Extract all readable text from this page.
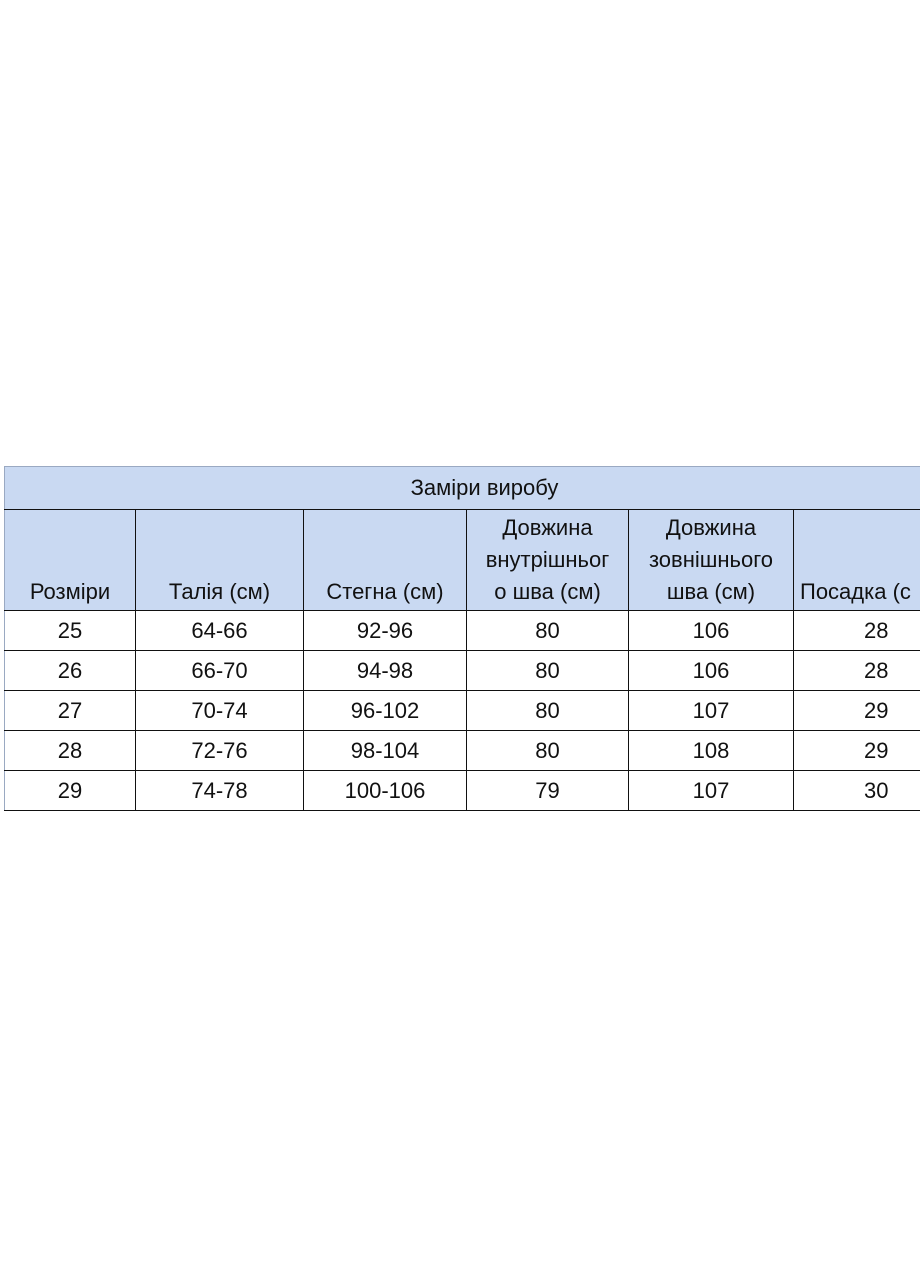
Заміри виробу					

Розміри	Талія (см)	Стегна (см)	Довжина
внутрішньог
о шва (см)	Довжина
зовнішнього
шва (см)	Посадка (с

25	64-66	92-96	80	106	28
26	66-70	94-98	80	106	28
27	70-74	96-102	80	107	29
28	72-76	98-104	80	108	29
29	74-78	100-106	79	107	30
